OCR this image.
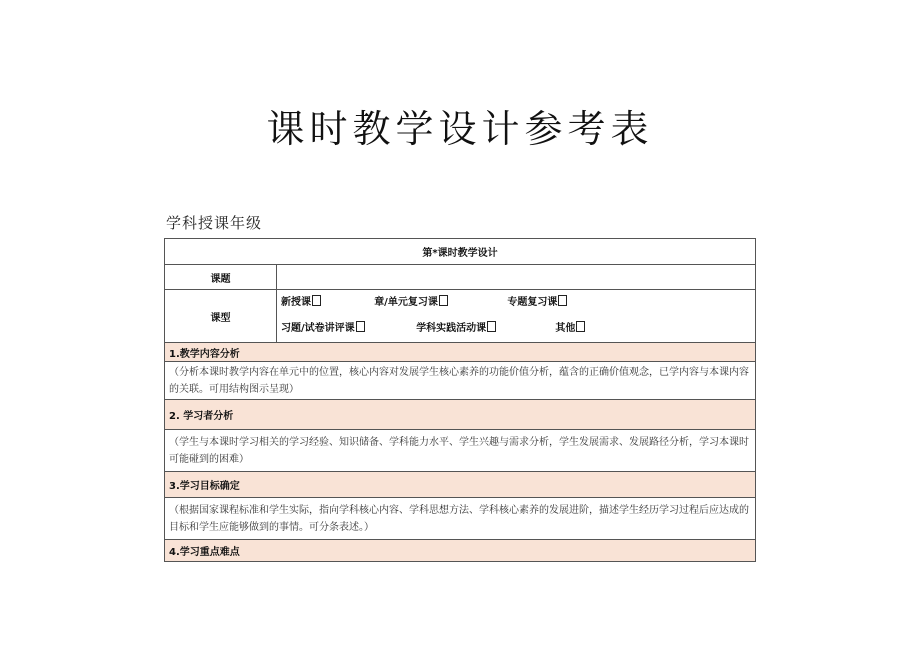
课时教学设计参考表
学科授课年级
第*课时教学设计	
课题	
课型	新授课 章/单元复习课 专题复习课
习题/试卷讲评课 学科实践活动课 其他

1.教学内容分析	
（分析本课时教学内容在单元中的位置，核心内容对发展学生核心素养的功能价值分析，蕴含的正确价值观念，已学内容与本课内容的关联。可用结构图示呈现）	
2. 学习者分析	
（学生与本课时学习相关的学习经验、知识储备、学科能力水平、学生兴趣与需求分析，学生发展需求、发展路径分析，学习本课时可能碰到的困难）	
3.学习目标确定	
（根据国家课程标准和学生实际，指向学科核心内容、学科思想方法、学科核心素养的发展进阶，描述学生经历学习过程后应达成的目标和学生应能够做到的事情。可分条表述。）	
4.学习重点难点	
